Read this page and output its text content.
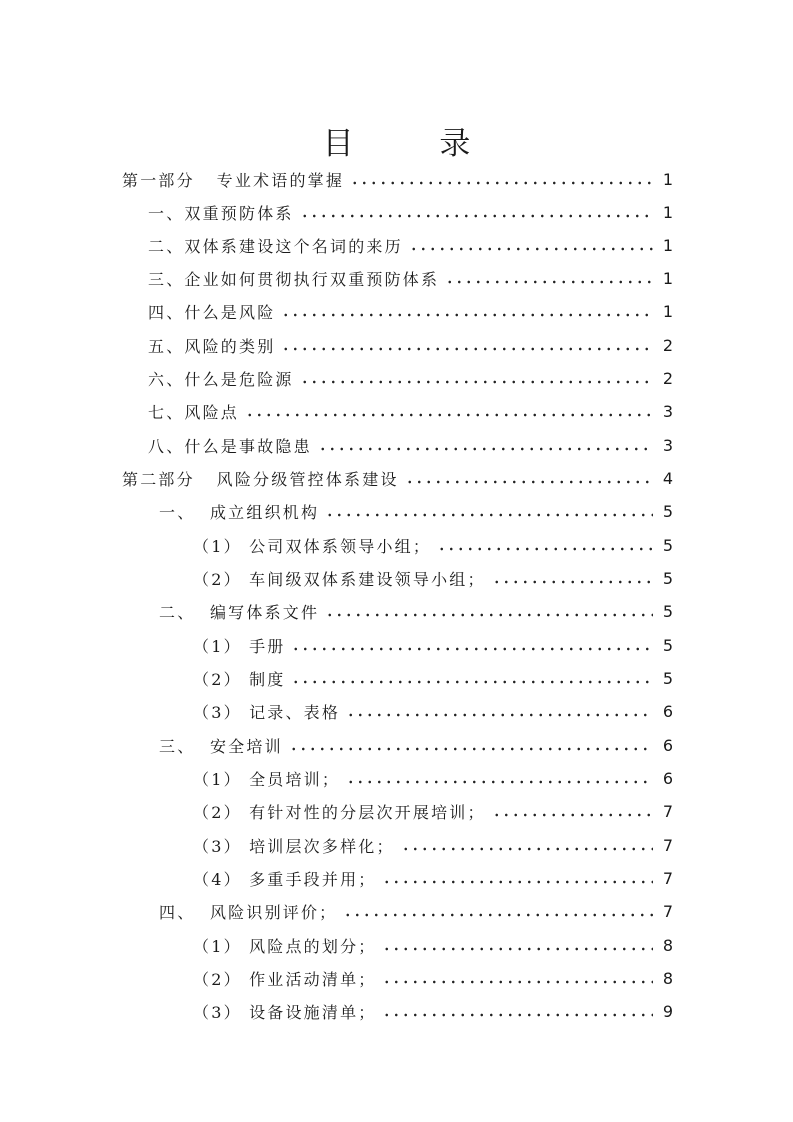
目 录
第一部分   专业术语的掌握	1
一、双重预防体系	1
二、双体系建设这个名词的来历	1
三、企业如何贯彻执行双重预防体系	1
四、什么是风险	1
五、风险的类别	2
六、什么是危险源	2
七、风险点	3
八、什么是事故隐患	3
第二部分   风险分级管控体系建设	4
一、  成立组织机构	5
（1） 公司双体系领导小组；	5
（2） 车间级双体系建设领导小组；	5
二、  编写体系文件	5
（1） 手册	5
（2） 制度	5
（3） 记录、表格	6
三、  安全培训	6
（1） 全员培训；	6
（2） 有针对性的分层次开展培训；	7
（3） 培训层次多样化；	7
（4） 多重手段并用；	7
四、  风险识别评价；	7
（1） 风险点的划分；	8
（2） 作业活动清单；	8
（3） 设备设施清单；	9
